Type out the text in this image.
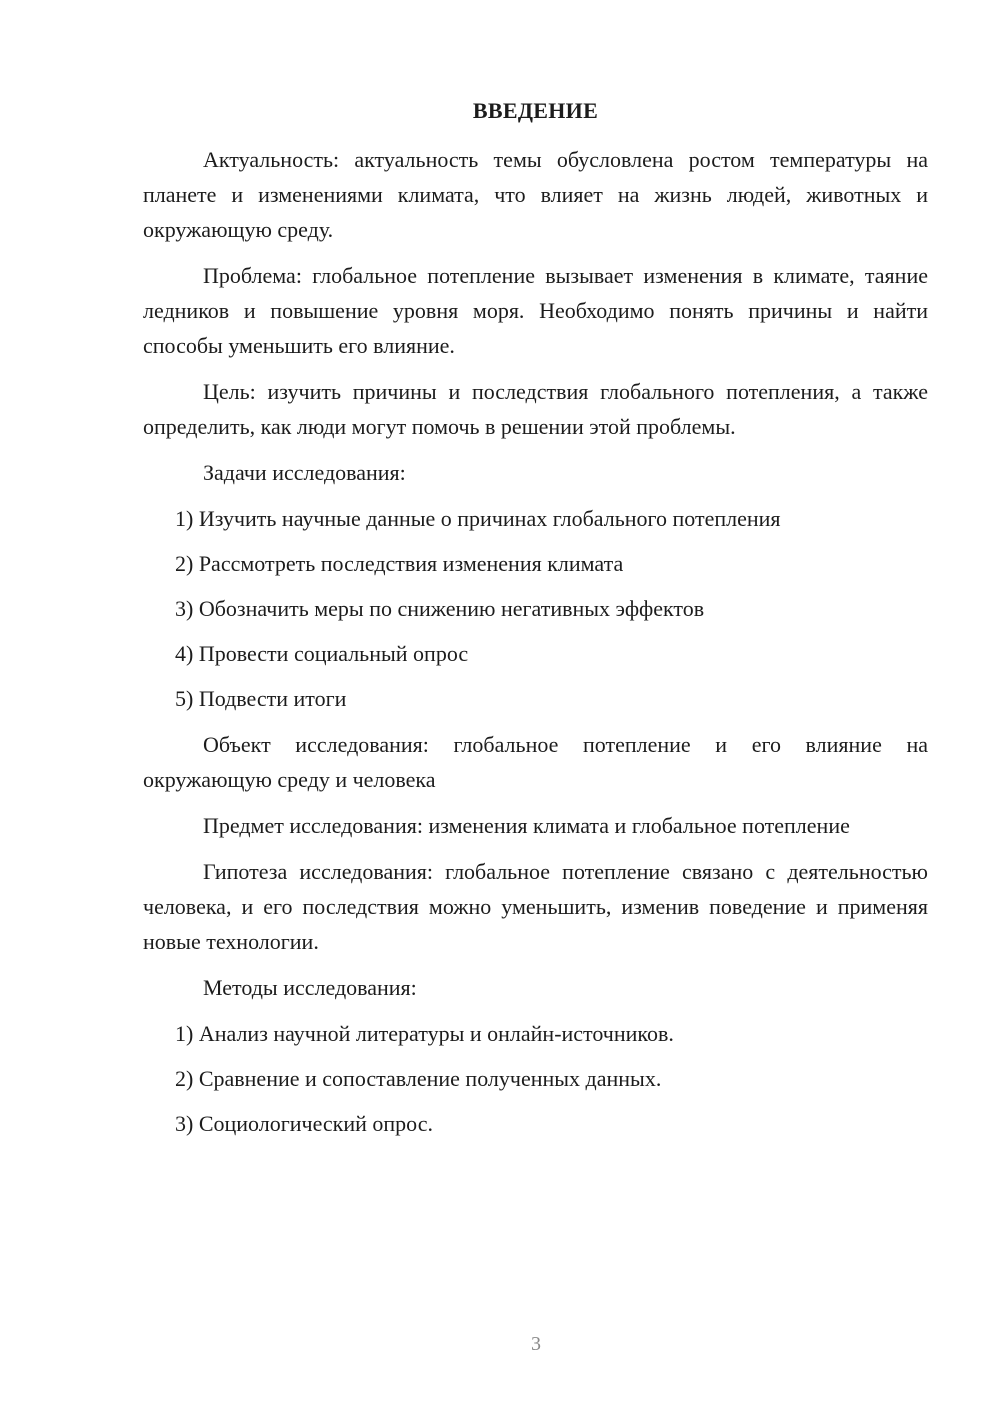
ВВЕДЕНИЕ

Актуальность: актуальность темы обусловлена ростом температуры на планете и изменениями климата, что влияет на жизнь людей, животных и окружающую среду.

Проблема: глобальное потепление вызывает изменения в климате, таяние ледников и повышение уровня моря. Необходимо понять причины и найти способы уменьшить его влияние.

Цель: изучить причины и последствия глобального потепления, а также определить, как люди могут помочь в решении этой проблемы.

Задачи исследования:

1) Изучить научные данные о причинах глобального потепления
2) Рассмотреть последствия изменения климата
3) Обозначить меры по снижению негативных эффектов
4) Провести социальный опрос
5) Подвести итоги

Объект исследования: глобальное потепление и его влияние на окружающую среду и человека

Предмет исследования: изменения климата и глобальное потепление

Гипотеза исследования: глобальное потепление связано с деятельностью человека, и его последствия можно уменьшить, изменив поведение и применяя новые технологии.

Методы исследования:

1) Анализ научной литературы и онлайн-источников.
2) Сравнение и сопоставление полученных данных.
3) Социологический опрос.
3
